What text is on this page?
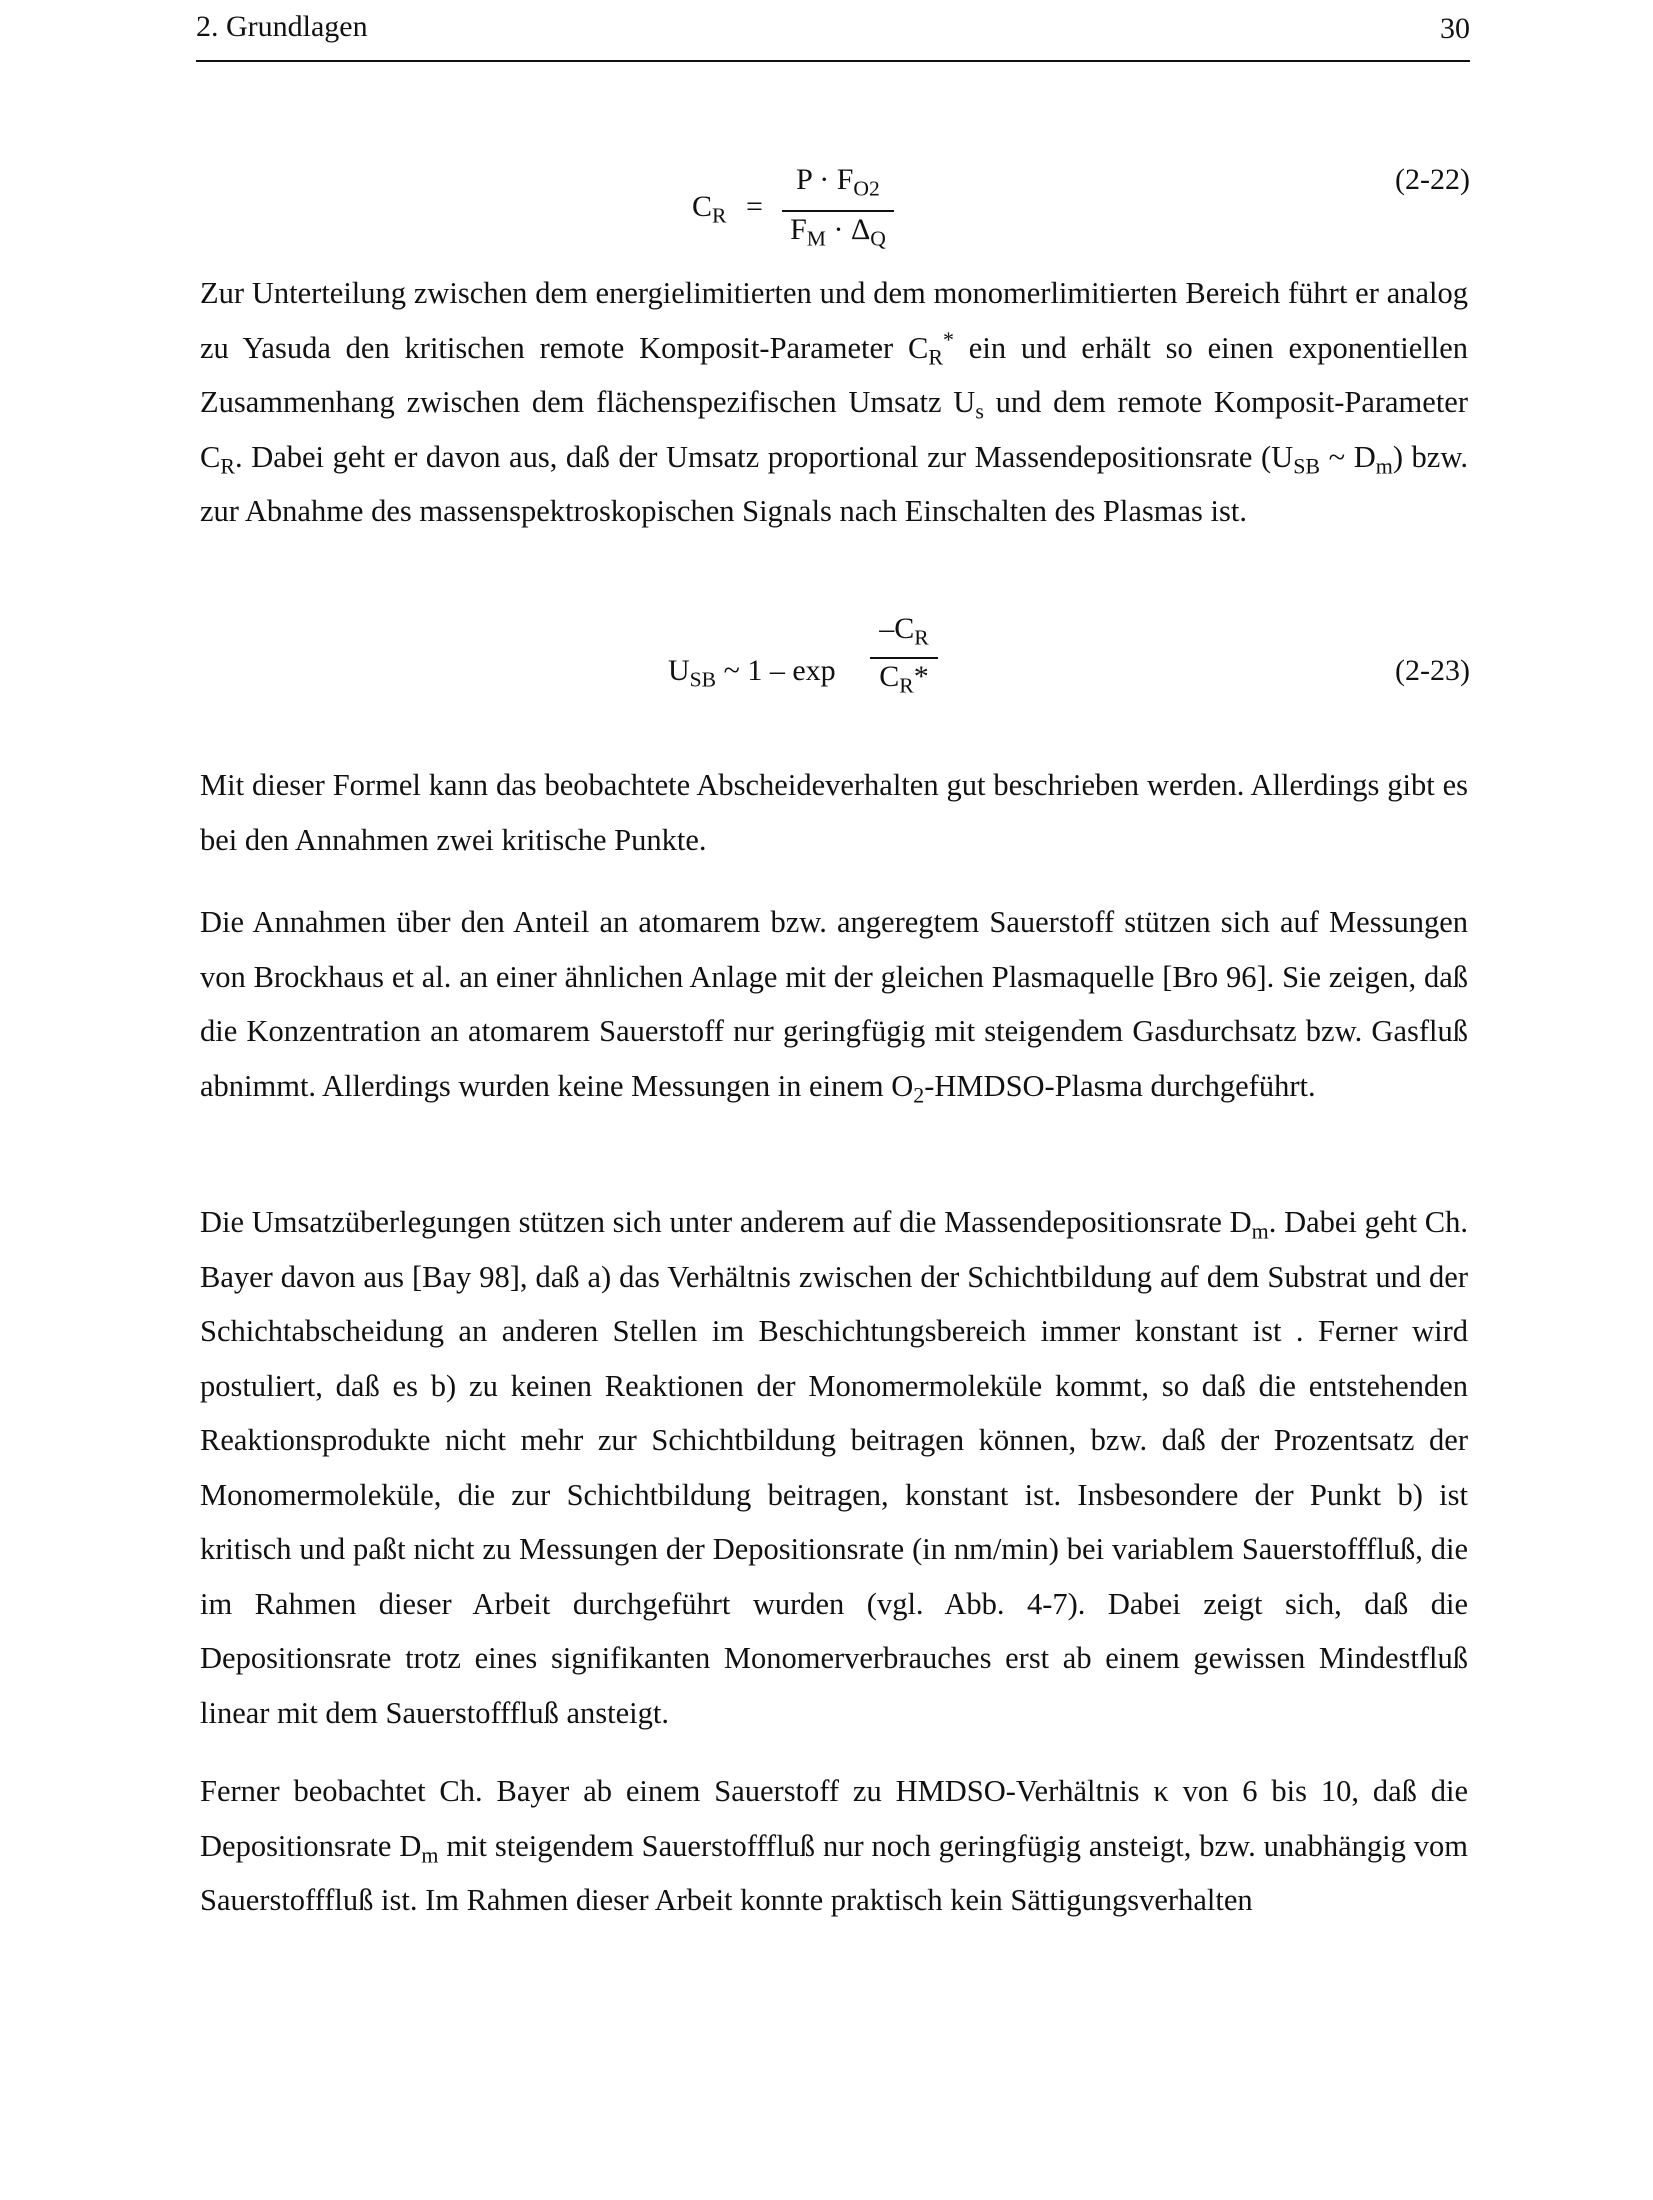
2. Grundlagen	30
$C_R$ =
$P \cdot F_{O2}$
$F_M \cdot \Delta_Q$
(2-22)

Zur Unterteilung zwischen dem energielimitierten und dem monomerlimitierten Bereich führt er analog zu Yasuda den kritischen remote Komposit-Parameter $C_R^*$ ein und erhält so einen exponentiellen Zusammenhang zwischen dem flächenspezifischen Umsatz $U_s$ und dem remote Komposit-Parameter $C_R$. Dabei geht er davon aus, daß der Umsatz proportional zur Massendepositionsrate ($U_{SB}$ ~ $D_m$) bzw. zur Abnahme des massenspektroskopischen Signals nach Einschalten des Plasmas ist.

$U_{SB}$ ~ 1 – exp
$-C_R$
$C_R*$	(2-23)

Mit dieser Formel kann das beobachtete Abscheideverhalten gut beschrieben werden. Allerdings gibt es bei den Annahmen zwei kritische Punkte.

Die Annahmen über den Anteil an atomarem bzw. angeregtem Sauerstoff stützen sich auf Messungen von Brockhaus et al. an einer ähnlichen Anlage mit der gleichen Plasmaquelle [Bro 96]. Sie zeigen, daß die Konzentration an atomarem Sauerstoff nur geringfügig mit steigendem Gasdurchsatz bzw. Gasfluß abnimmt. Allerdings wurden keine Messungen in einem $O_2-HMDSO$-Plasma durchgeführt.

Die Umsatzüberlegungen stützen sich unter anderem auf die Massendepositionsrate $D_m$. Dabei geht Ch. Bayer davon aus [Bay 98], daß a) das Verhältnis zwischen der Schichtbildung auf dem Substrat und der Schichtabscheidung an anderen Stellen im Beschichtungsbereich immer konstant ist . Ferner wird postuliert, daß es b) zu keinen Reaktionen der Monomermoleküle kommt, so daß die entstehenden Reaktionsprodukte nicht mehr zur Schichtbildung beitragen können, bzw. daß der Prozentsatz der Monomermoleküle, die zur Schichtbildung beitragen, konstant ist. Insbesondere der Punkt b) ist kritisch und paßt nicht zu Messungen der Depositionsrate (in nm/min) bei variablem Sauerstofffluß, die im Rahmen dieser Arbeit durchgeführt wurden (vgl. Abb. 4-7). Dabei zeigt sich, daß die Depositionsrate trotz eines signifikanten Monomerverbrauches erst ab einem gewissen Mindestfluß linear mit dem Sauerstofffluß ansteigt.

Ferner beobachtet Ch. Bayer ab einem Sauerstoff zu HMDSO-Verhältnis κ von 6 bis 10, daß die Depositionsrate $D_m$ mit steigendem Sauerstofffluß nur noch geringfügig ansteigt, bzw. unabhängig vom Sauerstofffluß ist. Im Rahmen dieser Arbeit konnte praktisch kein Sättigungsverhalten
